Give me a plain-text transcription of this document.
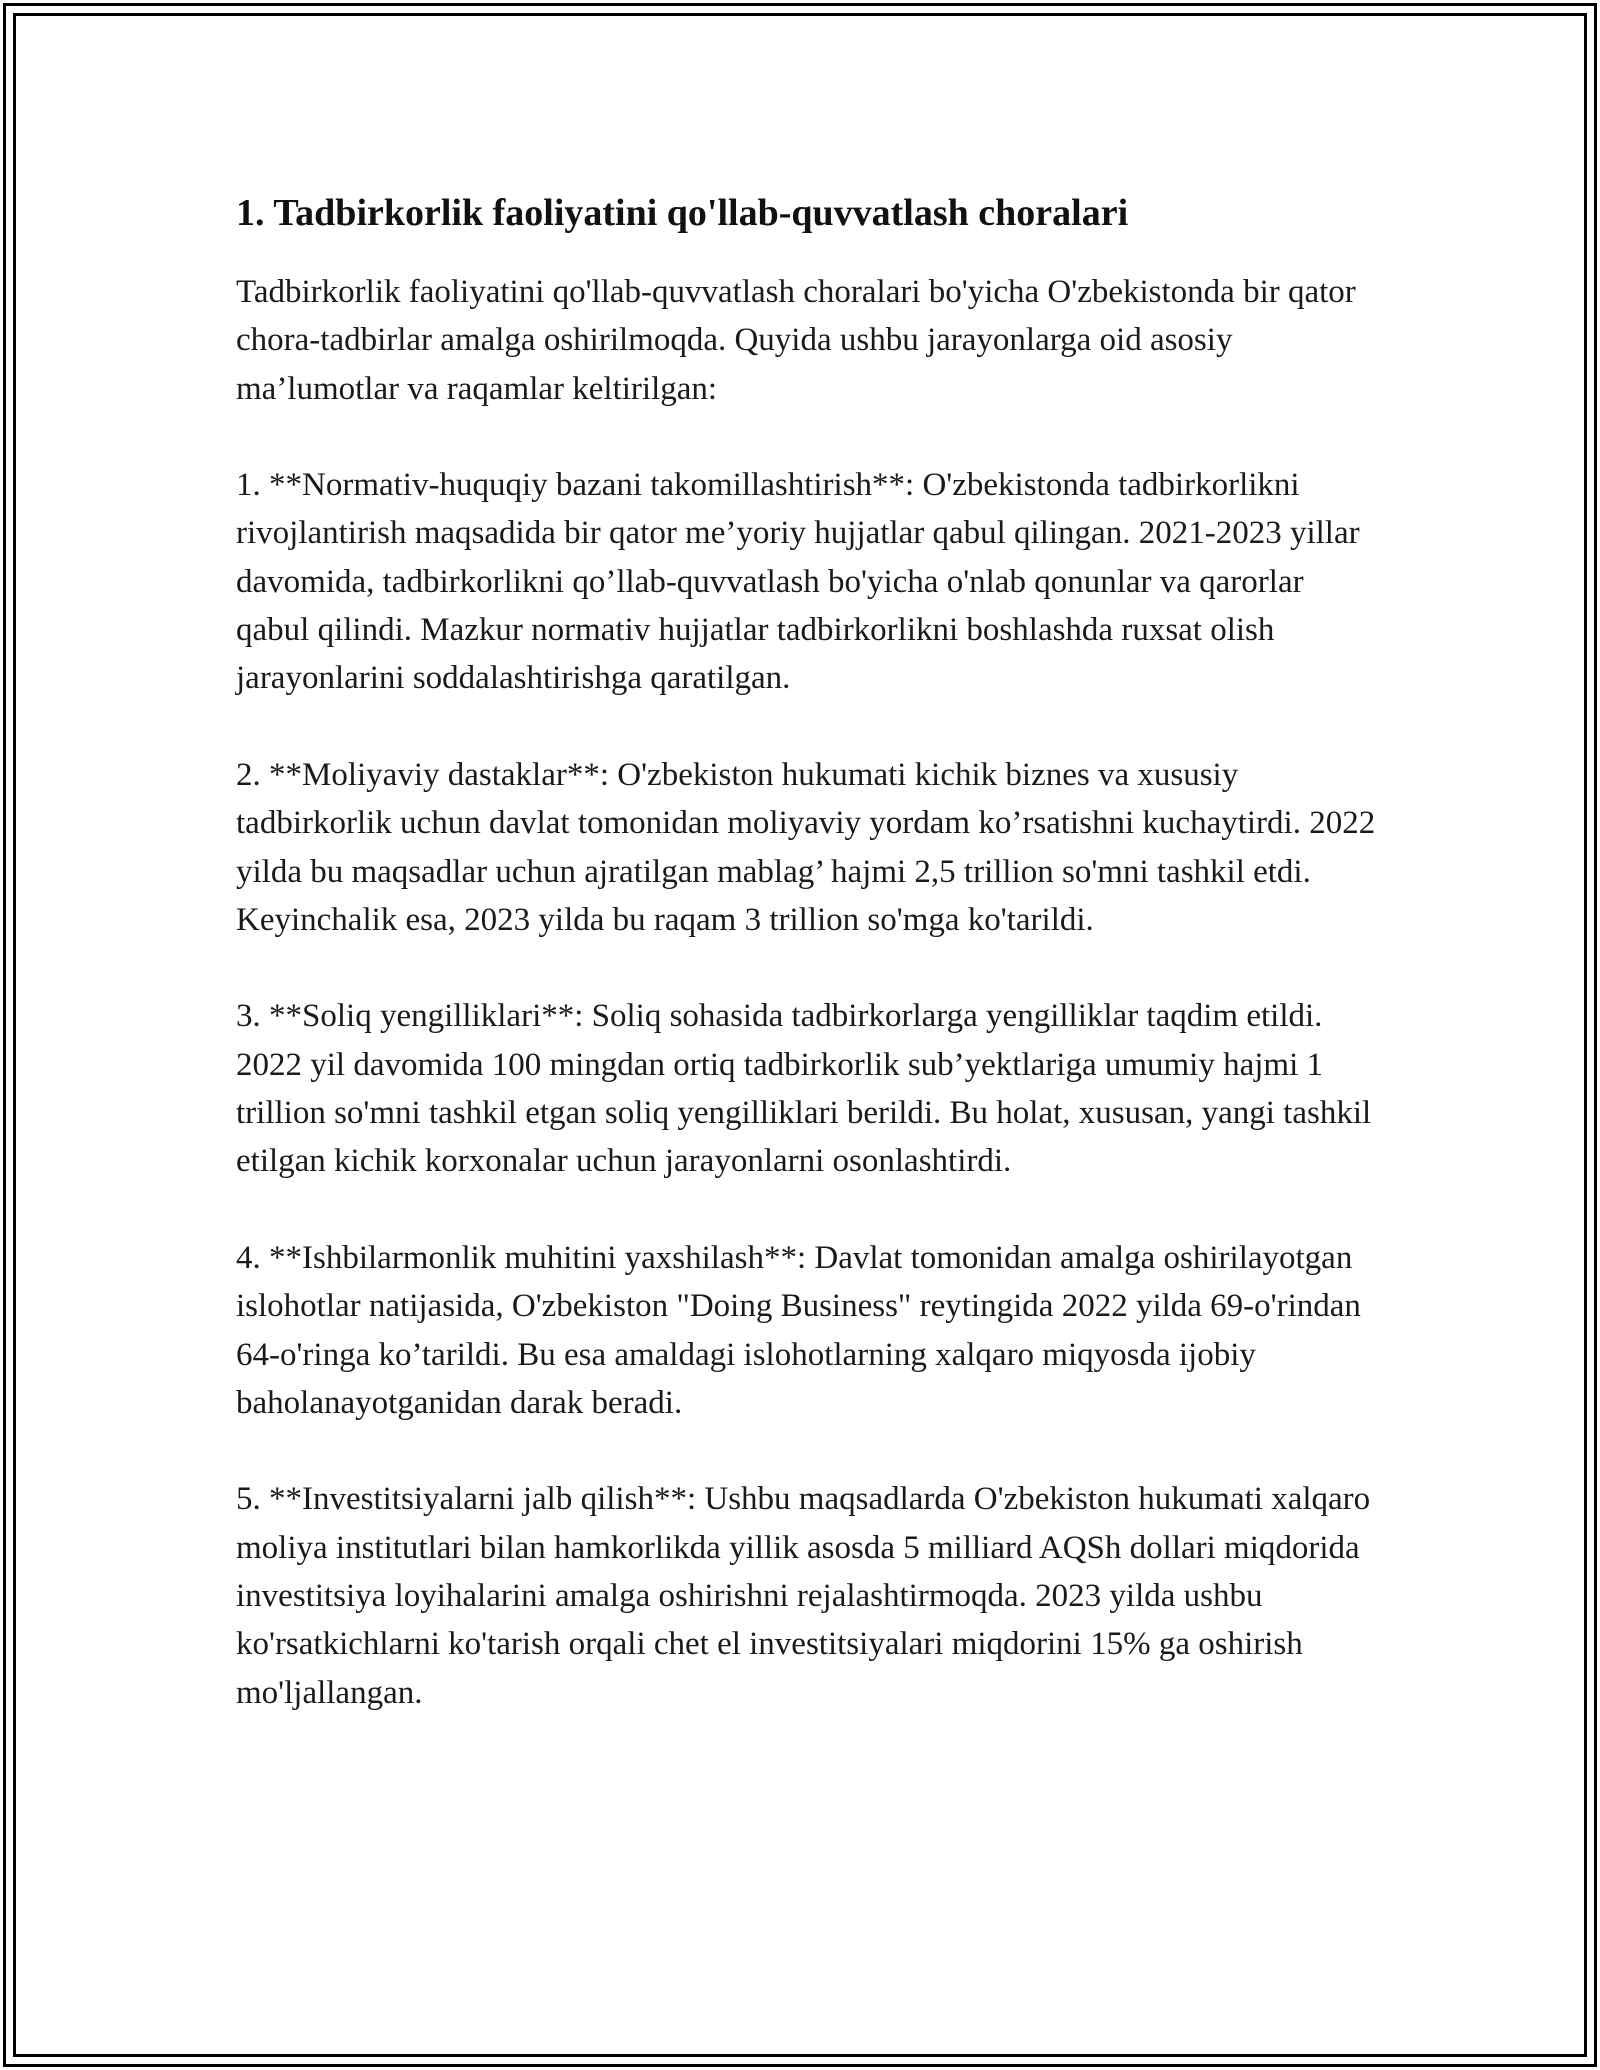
1. Tadbirkorlik faoliyatini qo'llab-quvvatlash choralari

Tadbirkorlik faoliyatini qo'llab-quvvatlash choralari bo'yicha O'zbekistonda bir qator chora-tadbirlar amalga oshirilmoqda. Quyida ushbu jarayonlarga oid asosiy ma’lumotlar va raqamlar keltirilgan:

1. **Normativ-huquqiy bazani takomillashtirish**: O'zbekistonda tadbirkorlikni rivojlantirish maqsadida bir qator me’yoriy hujjatlar qabul qilingan. 2021-2023 yillar davomida, tadbirkorlikni qo’llab-quvvatlash bo'yicha o'nlab qonunlar va qarorlar qabul qilindi. Mazkur normativ hujjatlar tadbirkorlikni boshlashda ruxsat olish jarayonlarini soddalashtirishga qaratilgan.

2. **Moliyaviy dastaklar**: O'zbekiston hukumati kichik biznes va xususiy tadbirkorlik uchun davlat tomonidan moliyaviy yordam ko’rsatishni kuchaytirdi. 2022 yilda bu maqsadlar uchun ajratilgan mablag’ hajmi 2,5 trillion so'mni tashkil etdi. Keyinchalik esa, 2023 yilda bu raqam 3 trillion so'mga ko'tarildi.

3. **Soliq yengilliklari**: Soliq sohasida tadbirkorlarga yengilliklar taqdim etildi. 2022 yil davomida 100 mingdan ortiq tadbirkorlik sub’yektlariga umumiy hajmi 1 trillion so'mni tashkil etgan soliq yengilliklari berildi. Bu holat, xususan, yangi tashkil etilgan kichik korxonalar uchun jarayonlarni osonlashtirdi.

4. **Ishbilarmonlik muhitini yaxshilash**: Davlat tomonidan amalga oshirilayotgan islohotlar natijasida, O'zbekiston "Doing Business" reytingida 2022 yilda 69-o'rindan 64-o'ringa ko’tarildi. Bu esa amaldagi islohotlarning xalqaro miqyosda ijobiy baholanayotganidan darak beradi.

5. **Investitsiyalarni jalb qilish**: Ushbu maqsadlarda O'zbekiston hukumati xalqaro moliya institutlari bilan hamkorlikda yillik asosda 5 milliard AQSh dollari miqdorida investitsiya loyihalarini amalga oshirishni rejalashtirmoqda. 2023 yilda ushbu ko'rsatkichlarni ko'tarish orqali chet el investitsiyalari miqdorini 15% ga oshirish mo'ljallangan.
